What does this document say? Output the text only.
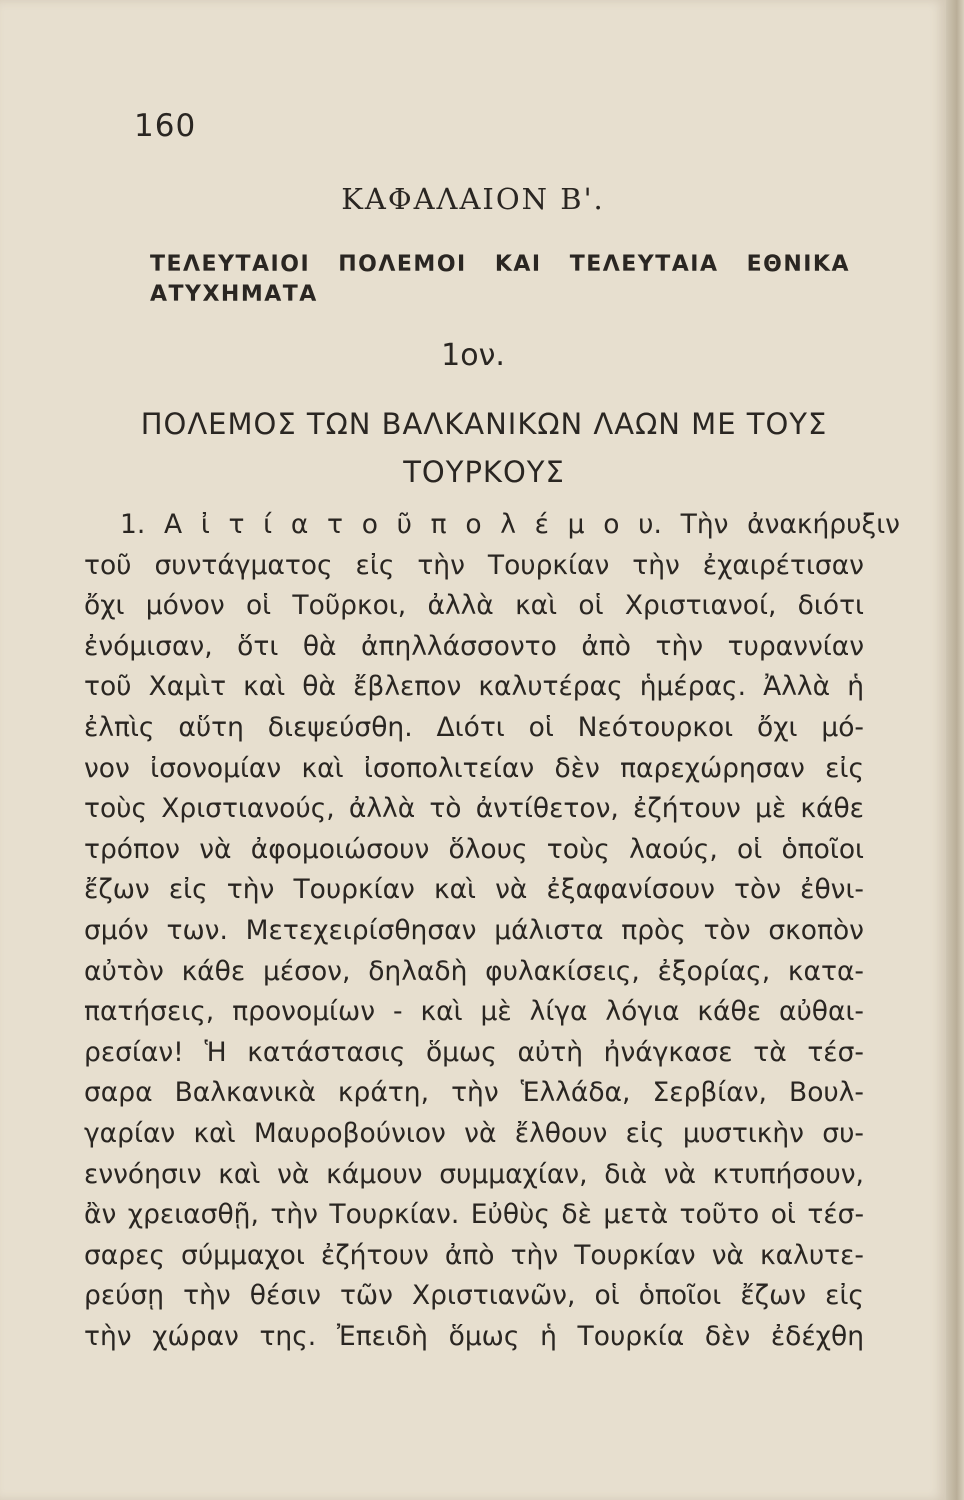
160
ΚΑΦΑΛΑΙΟΝ Β'.
ΤΕΛΕΥΤΑΙΟΙ ΠΟΛΕΜΟΙ ΚΑΙ ΤΕΛΕΥΤΑΙΑ ΕΘΝΙΚΑ
ΑΤΥΧΗΜΑΤΑ
1ον.
ΠΟΛΕΜΟΣ ΤΩΝ ΒΑΛΚΑΝΙΚΩΝ ΛΑΩΝ ΜΕ ΤΟΥΣ
ΤΟΥΡΚΟΥΣ
1. Α ἰ τ ί α τ ο ῦ π ο λ έ μ ο υ. Τὴν ἀνακήρυξιν
τοῦ συντάγματος εἰς τὴν Τουρκίαν τὴν ἐχαιρέτισαν
ὄχι μόνον οἱ Τοῦρκοι, ἀλλὰ καὶ οἱ Χριστιανοί, διότι
ἐνόμισαν, ὅτι θὰ ἀπηλλάσσοντο ἀπὸ τὴν τυραννίαν
τοῦ Χαμὶτ καὶ θὰ ἔβλεπον καλυτέρας ἡμέρας. Ἀλλὰ ἡ
ἐλπὶς αὕτη διεψεύσθη. Διότι οἱ Νεότουρκοι ὄχι μό-
νον ἰσονομίαν καὶ ἰσοπολιτείαν δὲν παρεχώρησαν εἰς
τοὺς Χριστιανούς, ἀλλὰ τὸ ἀντίθετον, ἐζήτουν μὲ κάθε
τρόπον νὰ ἀφομοιώσουν ὅλους τοὺς λαούς, οἱ ὁποῖοι
ἔζων εἰς τὴν Τουρκίαν καὶ νὰ ἐξαφανίσουν τὸν ἐθνι-
σμόν των. Μετεχειρίσθησαν μάλιστα πρὸς τὸν σκοπὸν
αὐτὸν κάθε μέσον, δηλαδὴ φυλακίσεις, ἐξορίας, κατα-
πατήσεις, προνομίων - καὶ μὲ λίγα λόγια κάθε αὐθαι-
ρεσίαν! Ἡ κατάστασις ὅμως αὐτὴ ἠνάγκασε τὰ τέσ-
σαρα Βαλκανικὰ κράτη, τὴν Ἑλλάδα, Σερβίαν, Βουλ-
γαρίαν καὶ Μαυροβούνιον νὰ ἔλθουν εἰς μυστικὴν συ-
εννόησιν καὶ νὰ κάμουν συμμαχίαν, διὰ νὰ κτυπήσουν,
ἂν χρειασθῇ, τὴν Τουρκίαν. Εὐθὺς δὲ μετὰ τοῦτο οἱ τέσ-
σαρες σύμμαχοι ἐζήτουν ἀπὸ τὴν Τουρκίαν νὰ καλυτε-
ρεύσῃ τὴν θέσιν τῶν Χριστιανῶν, οἱ ὁποῖοι ἔζων εἰς
τὴν χώραν της. Ἐπειδὴ ὅμως ἡ Τουρκία δὲν ἐδέχθη
